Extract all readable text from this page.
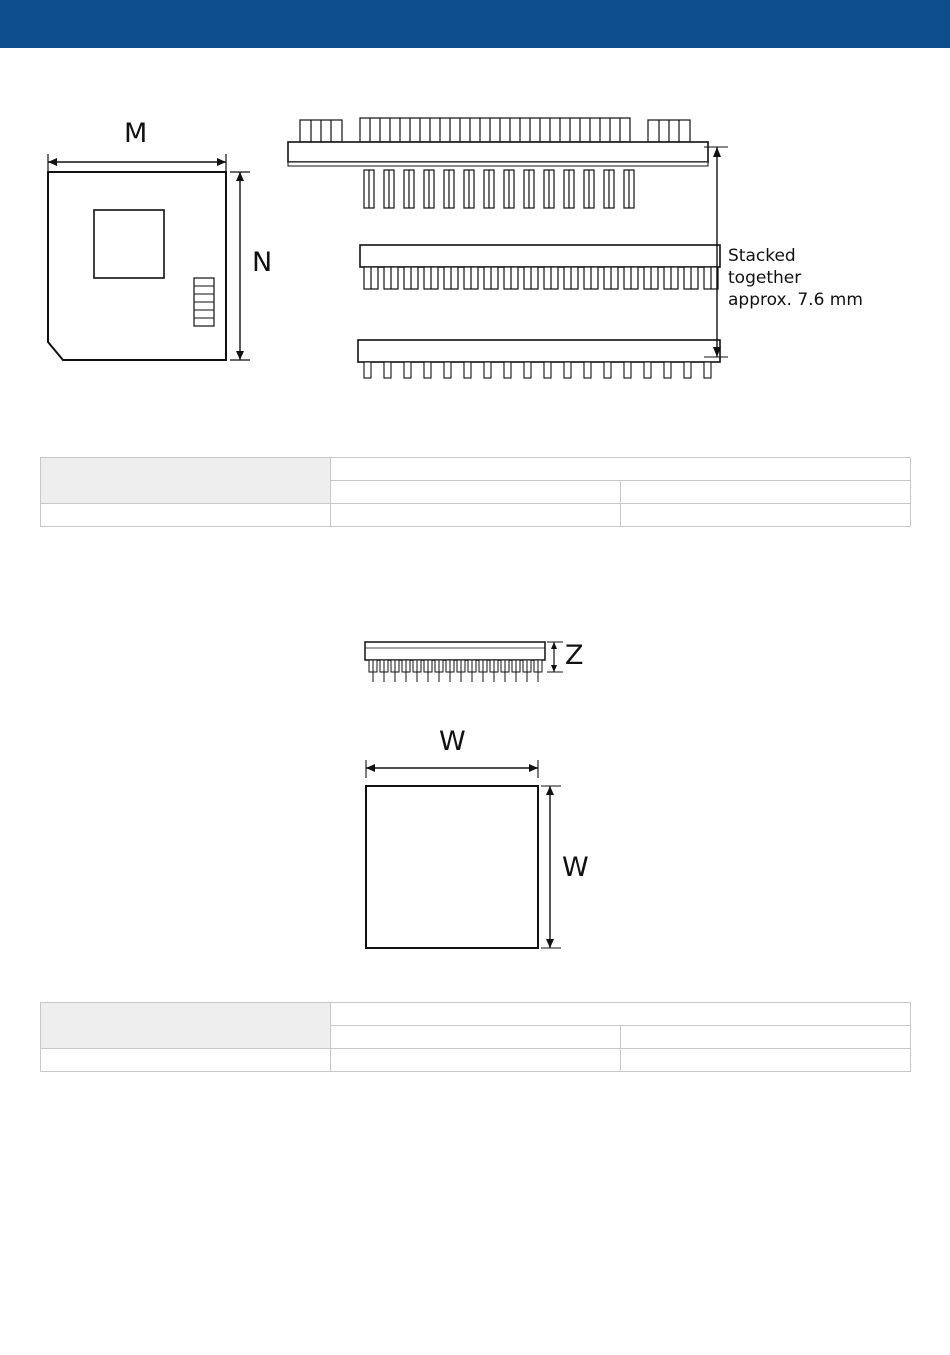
M
N	Stacked
together
approx. 7.6 mm

Z
W
W
